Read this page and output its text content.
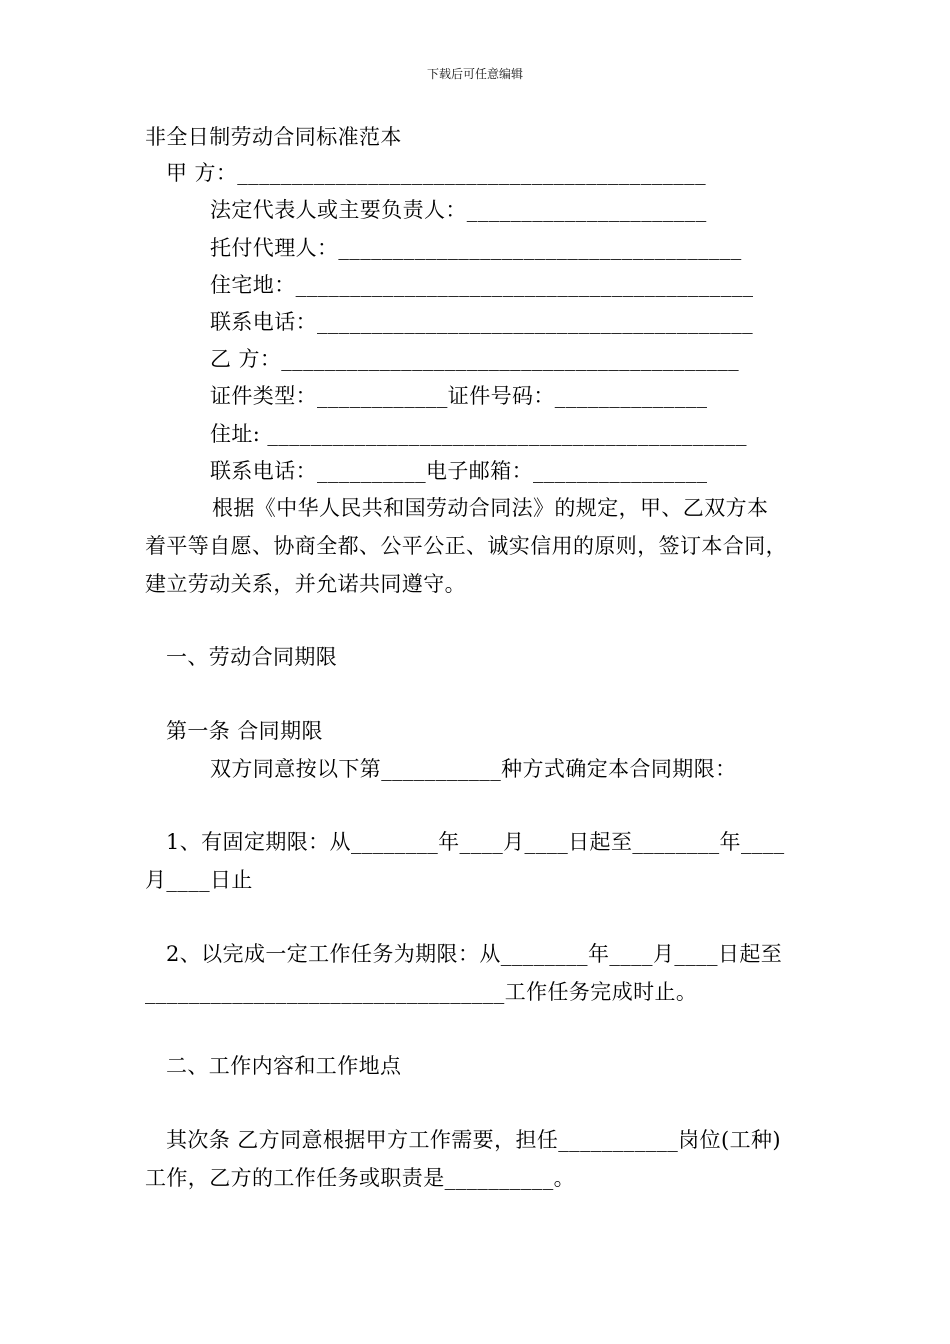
下载后可任意编辑
非全日制劳动合同标准范本
甲 方：___________________________________________
法定代表人或主要负责人：______________________
托付代理人：_____________________________________
住宅地：__________________________________________
联系电话：________________________________________
乙 方：__________________________________________
证件类型：____________证件号码：______________
住址: ____________________________________________
联系电话：__________电子邮箱：________________
根据《中华人民共和国劳动合同法》的规定，甲、乙双方本
着平等自愿、协商全都、公平公正、诚实信用的原则，签订本合同，
建立劳动关系，并允诺共同遵守。
一、劳动合同期限
第一条 合同期限
双方同意按以下第___________种方式确定本合同期限：
1、有固定期限：从________年____月____日起至________年____
月____日止
2、以完成一定工作任务为期限：从________年____月____日起至
_________________________________工作任务完成时止。
二、工作内容和工作地点
其次条 乙方同意根据甲方工作需要，担任___________岗位(工种)
工作，乙方的工作任务或职责是__________。
